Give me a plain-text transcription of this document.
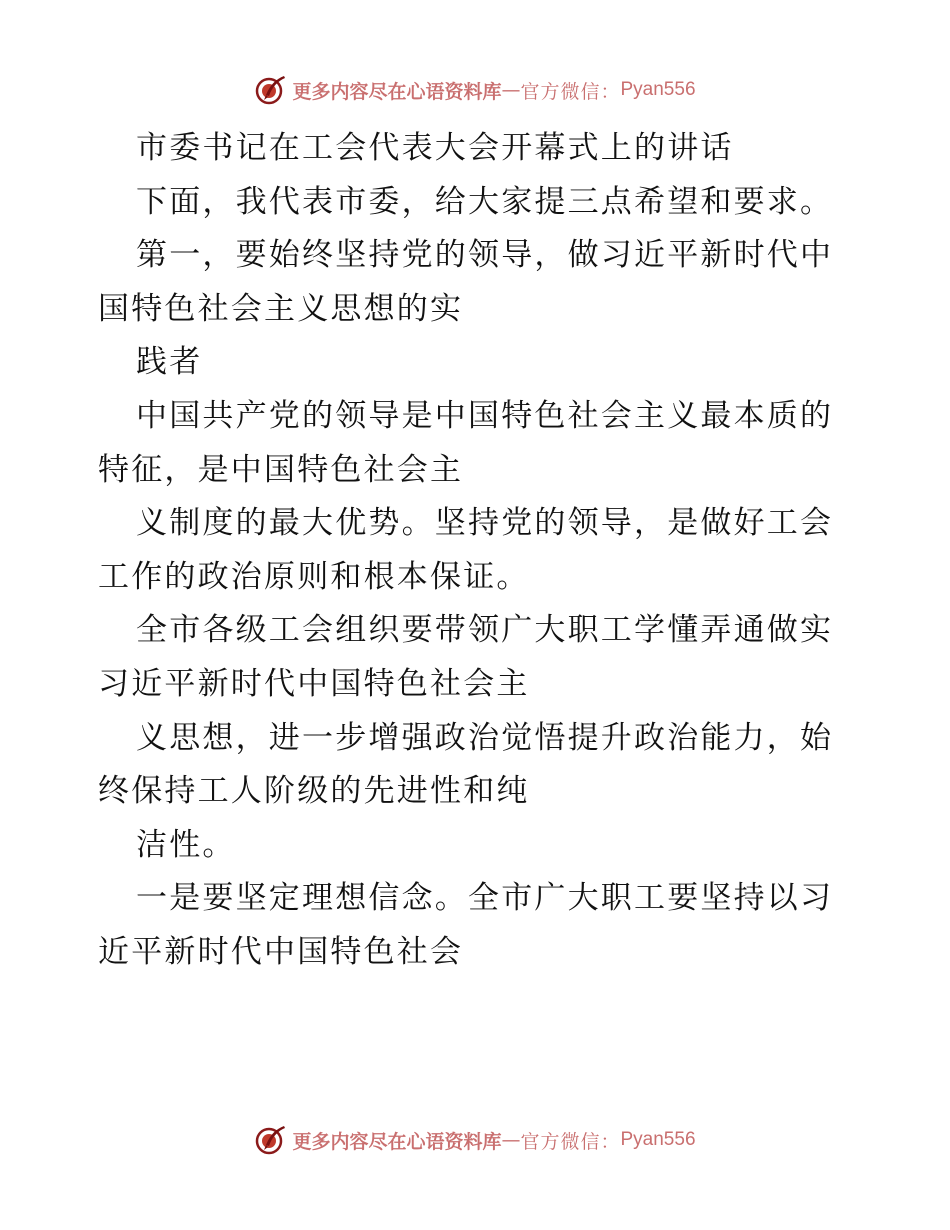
更多内容尽在心语资料库 — 官方微信： Pyan556
市委书记在工会代表大会开幕式上的讲话
下面，我代表市委，给大家提三点希望和要求。
第一，要始终坚持党的领导，做习近平新时代中
国特色社会主义思想的实
践者
中国共产党的领导是中国特色社会主义最本质的
特征，是中国特色社会主
义制度的最大优势。坚持党的领导，是做好工会
工作的政治原则和根本保证。
全市各级工会组织要带领广大职工学懂弄通做实
习近平新时代中国特色社会主
义思想，进一步增强政治觉悟提升政治能力，始
终保持工人阶级的先进性和纯
洁性。
一是要坚定理想信念。全市广大职工要坚持以习
近平新时代中国特色社会
更多内容尽在心语资料库 — 官方微信： Pyan556
